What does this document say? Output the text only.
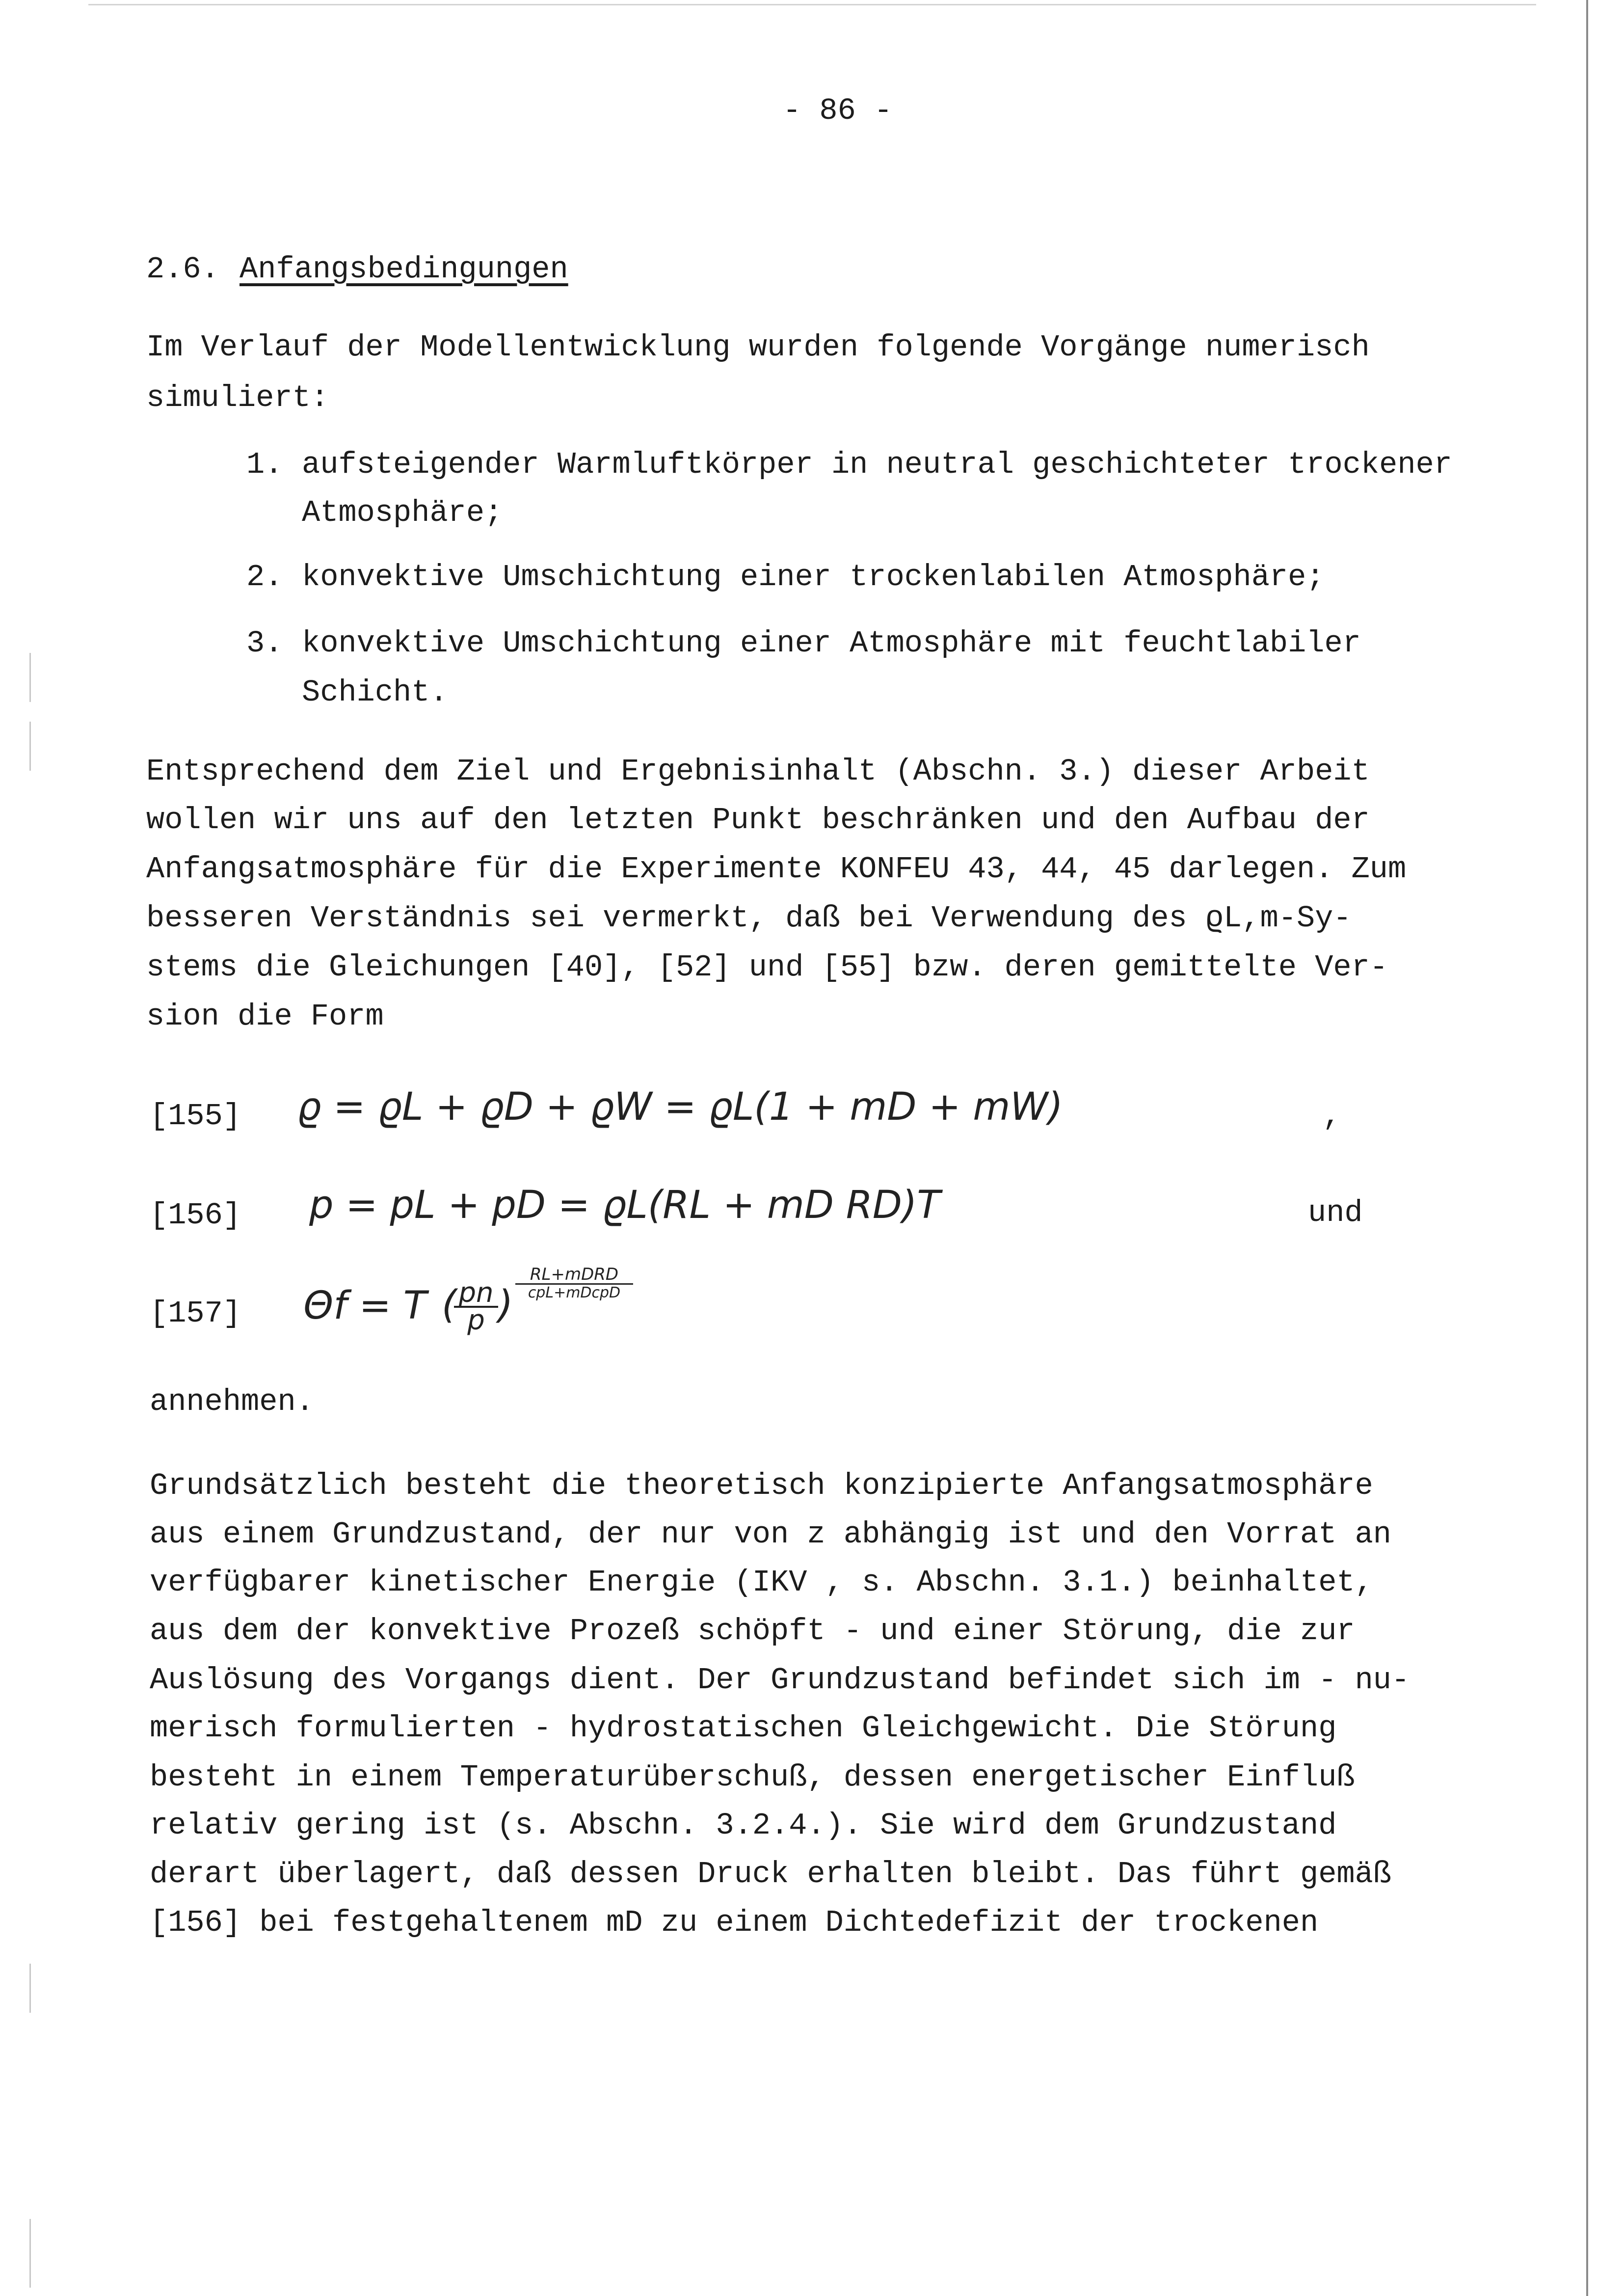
- 86 -
2.6. Anfangsbedingungen
Im Verlauf der Modellentwicklung wurden folgende Vorgänge numerisch
simuliert:
1. aufsteigender Warmluftkörper in neutral geschichteter trockener
Atmosphäre;
2. konvektive Umschichtung einer trockenlabilen Atmosphäre;
3. konvektive Umschichtung einer Atmosphäre mit feuchtlabiler
Schicht.
Entsprechend dem Ziel und Ergebnisinhalt (Abschn. 3.) dieser Arbeit
wollen wir uns auf den letzten Punkt beschränken und den Aufbau der
Anfangsatmosphäre für die Experimente KONFEU 43, 44, 45 darlegen. Zum
besseren Verständnis sei vermerkt, daß bei Verwendung des ϱL,m-Sy-
stems die Gleichungen [40], [52] und [55] bzw. deren gemittelte Ver-
sion die Form
[155] ϱ = ϱL + ϱD + ϱW = ϱL(1 + mD + mW)	,
[156] p = pL + pD = ϱL(RL + mD RD)T	und
[157] Θf = T (
$\frac{pn}{p}$ )
RL+mDRD
cpL+mDcpD
annehmen.
Grundsätzlich besteht die theoretisch konzipierte Anfangsatmosphäre
aus einem Grundzustand, der nur von z abhängig ist und den Vorrat an
verfügbarer kinetischer Energie (IKV , s. Abschn. 3.1.) beinhaltet,
aus dem der konvektive Prozeß schöpft - und einer Störung, die zur
Auslösung des Vorgangs dient. Der Grundzustand befindet sich im - nu-
merisch formulierten - hydrostatischen Gleichgewicht. Die Störung
besteht in einem Temperaturüberschuß, dessen energetischer Einfluß
relativ gering ist (s. Abschn. 3.2.4.). Sie wird dem Grundzustand
derart überlagert, daß dessen Druck erhalten bleibt. Das führt gemäß
[156] bei festgehaltenem mD zu einem Dichtedefizit der trockenen
